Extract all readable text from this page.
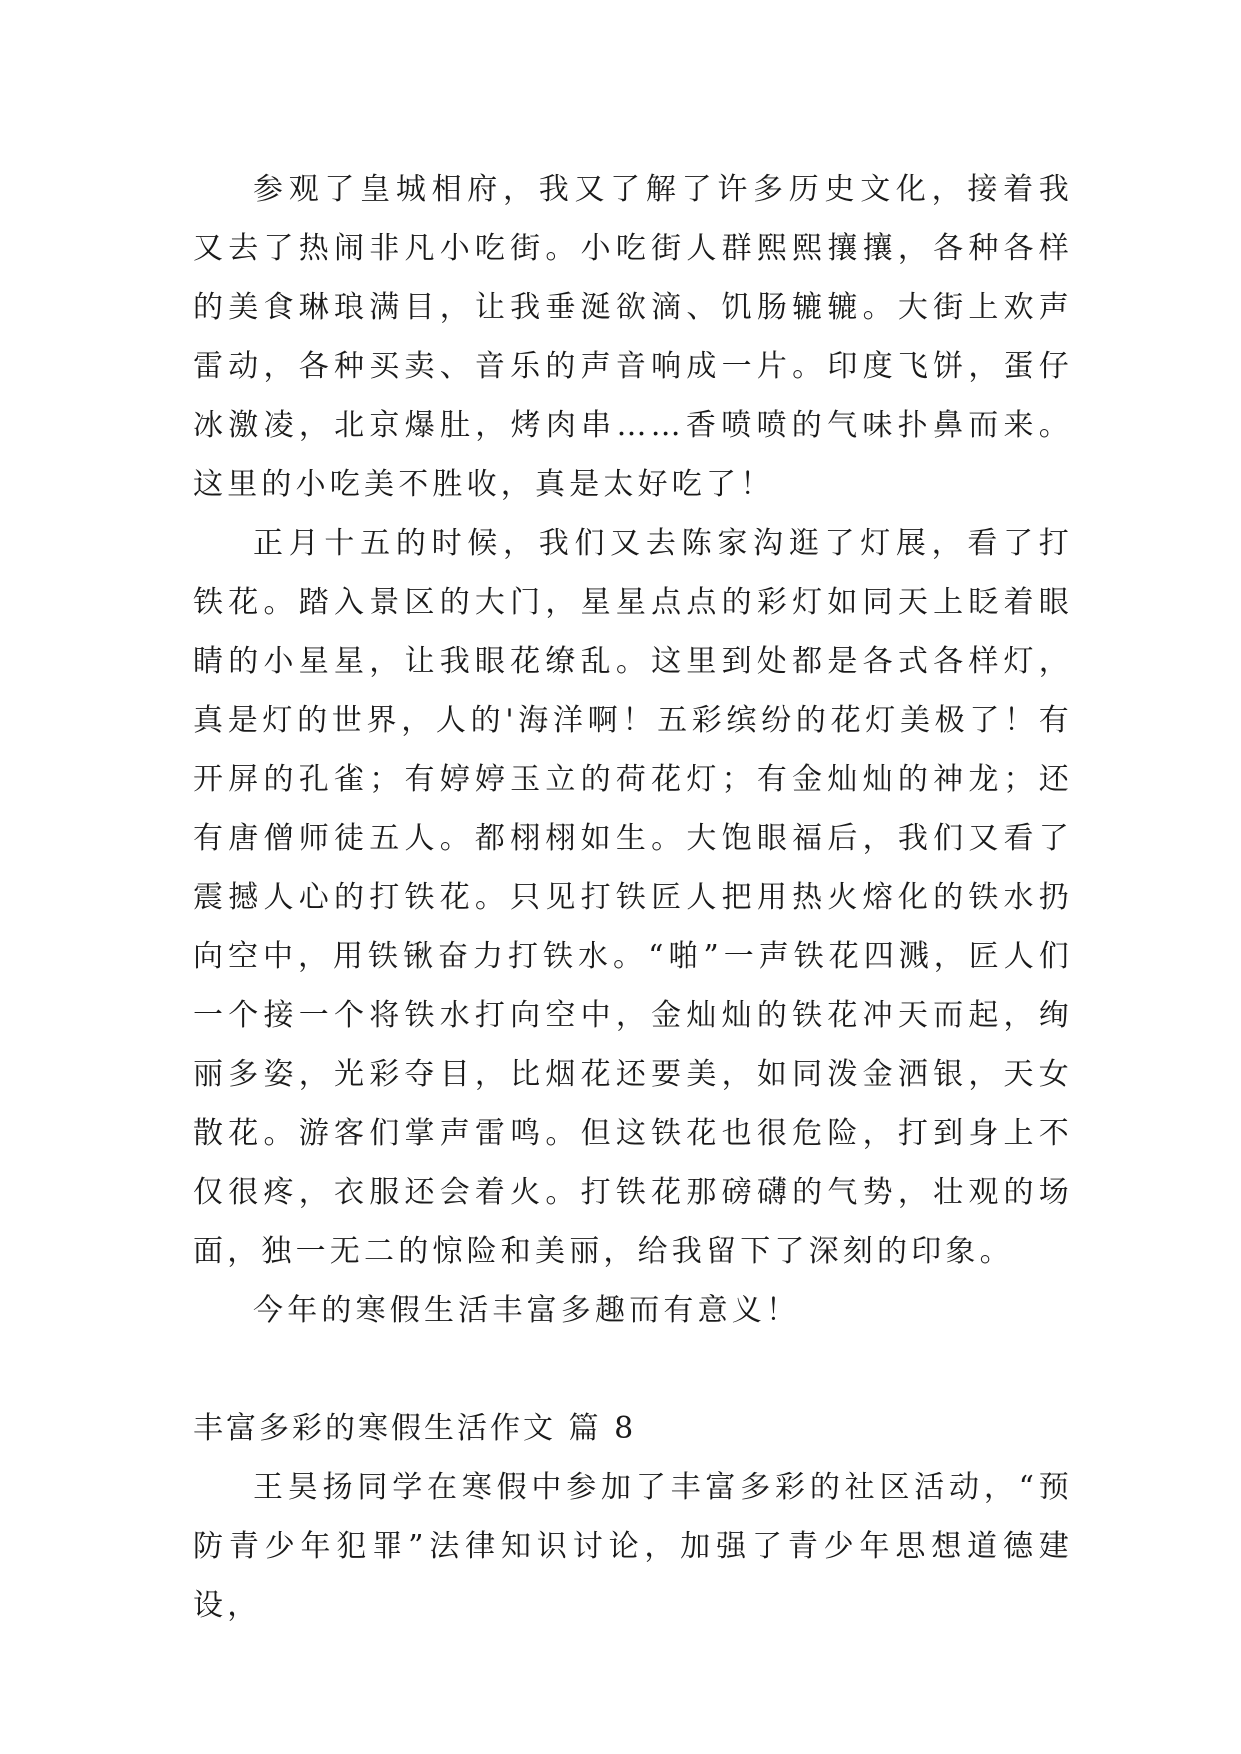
参观了皇城相府，我又了解了许多历史文化，接着我又去了热闹非凡小吃街。小吃街人群熙熙攘攘，各种各样的美食琳琅满目，让我垂涎欲滴、饥肠辘辘。大街上欢声雷动，各种买卖、音乐的声音响成一片。印度飞饼，蛋仔冰激凌，北京爆肚，烤肉串……香喷喷的气味扑鼻而来。这里的小吃美不胜收，真是太好吃了！

正月十五的时候，我们又去陈家沟逛了灯展，看了打铁花。踏入景区的大门，星星点点的彩灯如同天上眨着眼睛的小星星，让我眼花缭乱。这里到处都是各式各样灯，真是灯的世界，人的'海洋啊！五彩缤纷的花灯美极了！有开屏的孔雀；有婷婷玉立的荷花灯；有金灿灿的神龙；还有唐僧师徒五人。都栩栩如生。大饱眼福后，我们又看了震撼人心的打铁花。只见打铁匠人把用热火熔化的铁水扔向空中，用铁锹奋力打铁水。“啪”一声铁花四溅，匠人们一个接一个将铁水打向空中，金灿灿的铁花冲天而起，绚丽多姿，光彩夺目，比烟花还要美，如同泼金洒银，天女散花。游客们掌声雷鸣。但这铁花也很危险，打到身上不仅很疼，衣服还会着火。打铁花那磅礴的气势，壮观的场面，独一无二的惊险和美丽，给我留下了深刻的印象。

今年的寒假生活丰富多趣而有意义！

丰富多彩的寒假生活作文 篇 8

王昊扬同学在寒假中参加了丰富多彩的社区活动，“预防青少年犯罪”法律知识讨论，加强了青少年思想道德建设，
